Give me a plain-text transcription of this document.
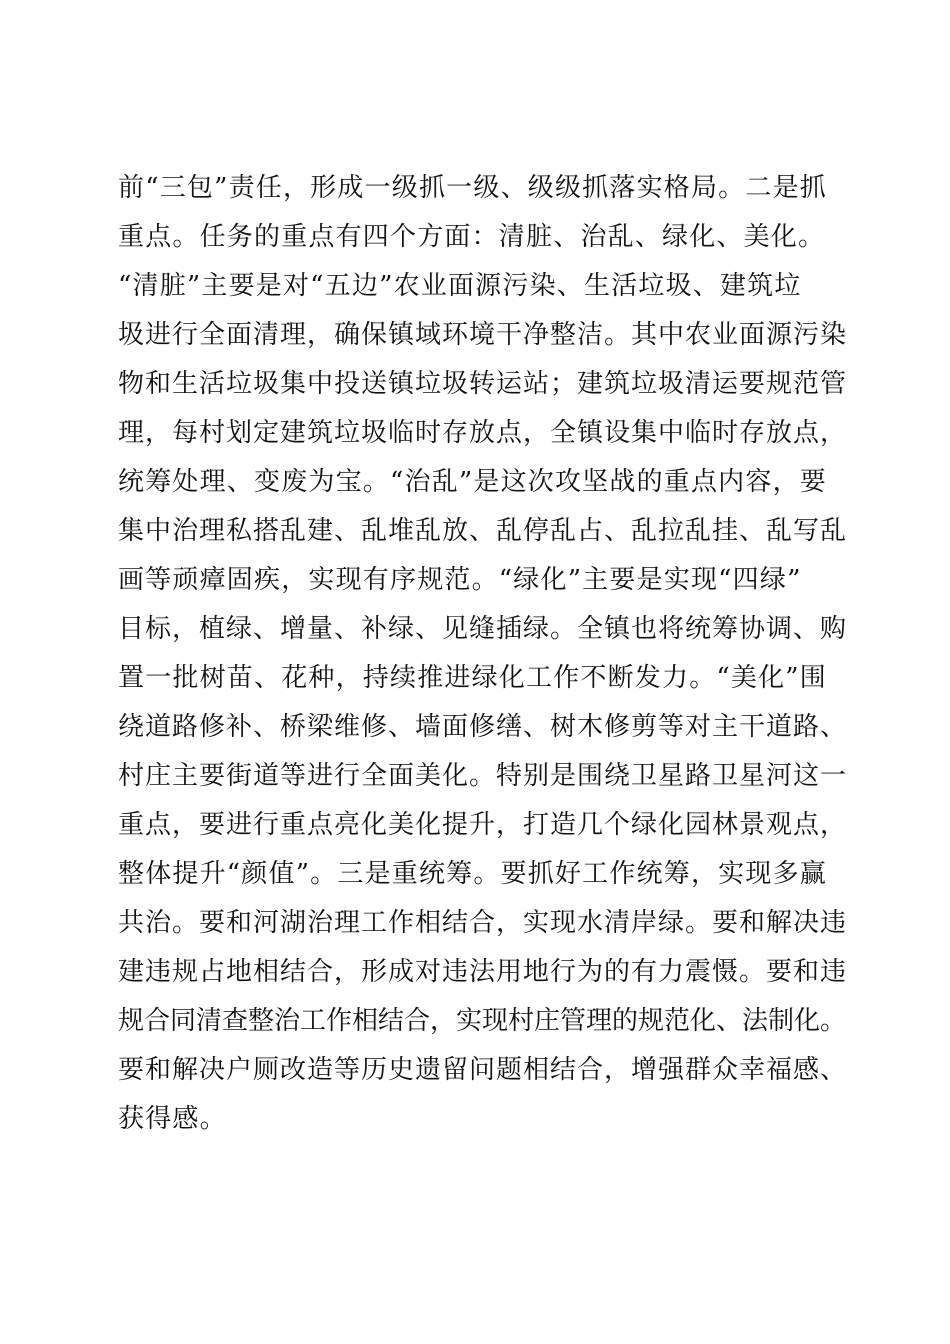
前“三包”责任，形成一级抓一级、级级抓落实格局。二是抓
重点。任务的重点有四个方面：清脏、治乱、绿化、美化。
“清脏”主要是对“五边”农业面源污染、生活垃圾、建筑垃
圾进行全面清理，确保镇域环境干净整洁。其中农业面源污染
物和生活垃圾集中投送镇垃圾转运站；建筑垃圾清运要规范管
理，每村划定建筑垃圾临时存放点，全镇设集中临时存放点，
统筹处理、变废为宝。“治乱”是这次攻坚战的重点内容，要
集中治理私搭乱建、乱堆乱放、乱停乱占、乱拉乱挂、乱写乱
画等顽瘴固疾，实现有序规范。“绿化”主要是实现“四绿”
目标，植绿、增量、补绿、见缝插绿。全镇也将统筹协调、购
置一批树苗、花种，持续推进绿化工作不断发力。“美化”围
绕道路修补、桥梁维修、墙面修缮、树木修剪等对主干道路、
村庄主要街道等进行全面美化。特别是围绕卫星路卫星河这一
重点，要进行重点亮化美化提升，打造几个绿化园林景观点，
整体提升“颜值”。三是重统筹。要抓好工作统筹，实现多赢
共治。要和河湖治理工作相结合，实现水清岸绿。要和解决违
建违规占地相结合，形成对违法用地行为的有力震慑。要和违
规合同清查整治工作相结合，实现村庄管理的规范化、法制化。
要和解决户厕改造等历史遗留问题相结合，增强群众幸福感、
获得感。
